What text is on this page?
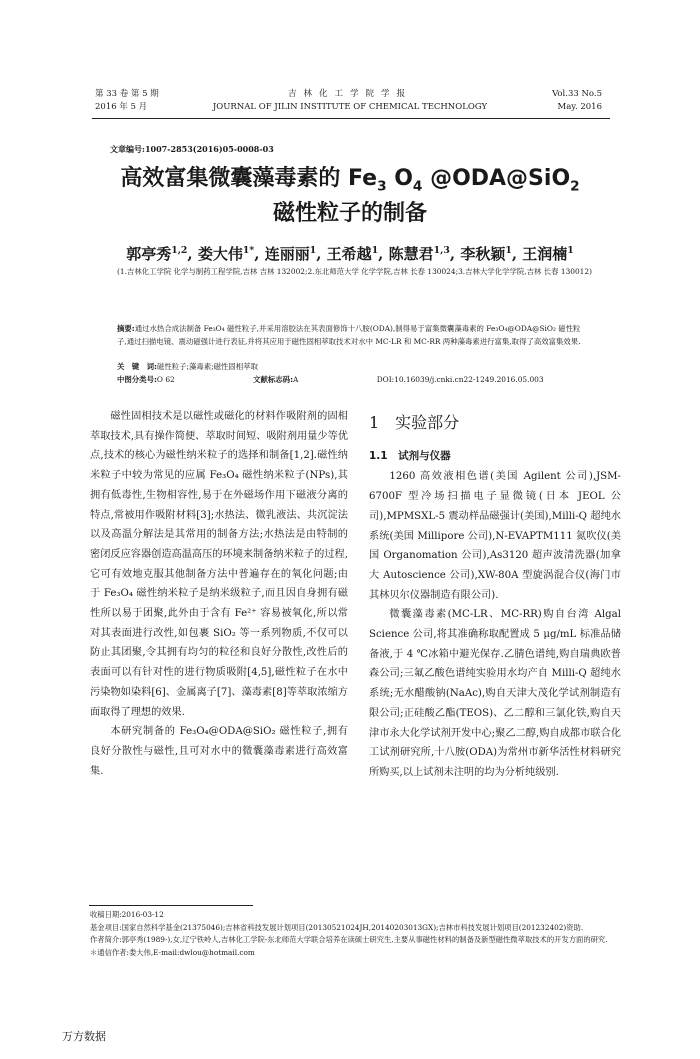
第 33 卷 第 5 期
2016 年 5 月
吉林化工学院学报
JOURNAL OF JILIN INSTITUTE OF CHEMICAL TECHNOLOGY
Vol.33 No.5
May. 2016
文章编号:1007-2853(2016)05-0008-03
高效富集微囊藻毒素的 $Fe_3$ $O_4$ @ODA@SiO$_2$
磁性粒子的制备
郭亭秀$^{1,2}$, 娄大伟$^{1*}$, 连丽丽$^1$, 王希越$^1$, 陈慧君$^{1,3}$, 李秋颖$^1$, 王润楠$^1$
(1.吉林化工学院 化学与制药工程学院,吉林 吉林 132002;2.东北师范大学 化学学院,吉林 长春 130024;3.吉林大学化学学院,吉林 长春 130012)
摘要:通过水热合成法制备 Fe₃O₄ 磁性粒子,并采用溶胶法在其表面修饰十八胺(ODA),制得易于富集微囊藻毒素的 Fe₃O₄@ODA@SiO₂ 磁性粒子,通过扫描电镜、震动磁强计进行表征,并将其应用于磁性固相萃取技术对水中 MC-LR 和 MC-RR 两种藻毒素进行富集,取得了高效富集效果.
关　键　词:磁性粒子;藻毒素;磁性固相萃取
中图分类号:O 62	文献标志码:A	DOI:10.16039/j.cnki.cn22-1249.2016.05.003

磁性固相技术是以磁性或磁化的材料作吸附剂的固相萃取技术,具有操作简便、萃取时间短、吸附剂用量少等优点,技术的核心为磁性纳米粒子的选择和制备[1,2].磁性纳米粒子中较为常见的应属 Fe₃O₄ 磁性纳米粒子(NPs),其拥有低毒性,生物相容性,易于在外磁场作用下磁液分离的特点,常被用作吸附材料[3];水热法、微乳液法、共沉淀法以及高温分解法是其常用的制备方法;水热法是由特制的密闭反应容器创造高温高压的环境来制备纳米粒子的过程,它可有效地克服其他制备方法中普遍存在的氧化问题;由于 Fe₃O₄ 磁性纳米粒子是纳米级粒子,而且因自身拥有磁性所以易于团聚,此外由于含有 Fe²⁺ 容易被氧化,所以常对其表面进行改性,如包裹 SiO₂ 等一系列物质,不仅可以防止其团聚,令其拥有均匀的粒径和良好分散性,改性后的表面可以有针对性的进行物质吸附[4,5],磁性粒子在水中污染物如染料[6]、金属离子[7]、藻毒素[8]等萃取浓缩方面取得了理想的效果.

本研究制备的 Fe₃O₄@ODA@SiO₂ 磁性粒子,拥有良好分散性与磁性,且可对水中的微囊藻毒素进行高效富集.

1　实验部分
1.1　试剂与仪器

1260 高效液相色谱(美国 Agilent 公司),JSM-6700F 型冷场扫描电子显微镜(日本 JEOL 公司),MPMSXL-5 震动样品磁强计(美国),Milli-Q 超纯水系统(美国 Millipore 公司),N-EVAPTM111 氮吹仪(美国 Organomation 公司),As3120 超声波清洗器(加拿大 Autoscience 公司),XW-80A 型旋涡混合仪(海门市其林贝尔仪器制造有限公司).

微囊藻毒素(MC-LR、MC-RR)购自台湾 Algal Science 公司,将其准确称取配置成 5 μg/mL 标准品储备液,于 4 ℃冰箱中避光保存.乙腈色谱纯,购自瑞典欧普森公司;三氟乙酸色谱纯实验用水均产自 Milli-Q 超纯水系统;无水醋酸钠(NaAc),购自天津大茂化学试剂制造有限公司;正硅酸乙酯(TEOS)、乙二醇和三氯化铁,购自天津市永大化学试剂开发中心;聚乙二醇,购自成都市联合化工试剂研究所,十八胺(ODA)为常州市新华活性材料研究所购买,以上试剂未注明的均为分析纯级别.

收稿日期:2016-03-12
基金项目:国家自然科学基金(21375046);吉林省科技发展计划项目(20130521024JH,20140203013GX);吉林市科技发展计划项目(201232402)资助.
作者简介:郭亭秀(1989-),女,辽宁铁岭人,吉林化工学院-东北师范大学联合培养在读硕士研究生,主要从事磁性材料的制备及新型磁性微萃取技术的开发方面的研究.
＊通信作者:娄大伟,E-mail:dwlou@hotmail.com
万方数据
